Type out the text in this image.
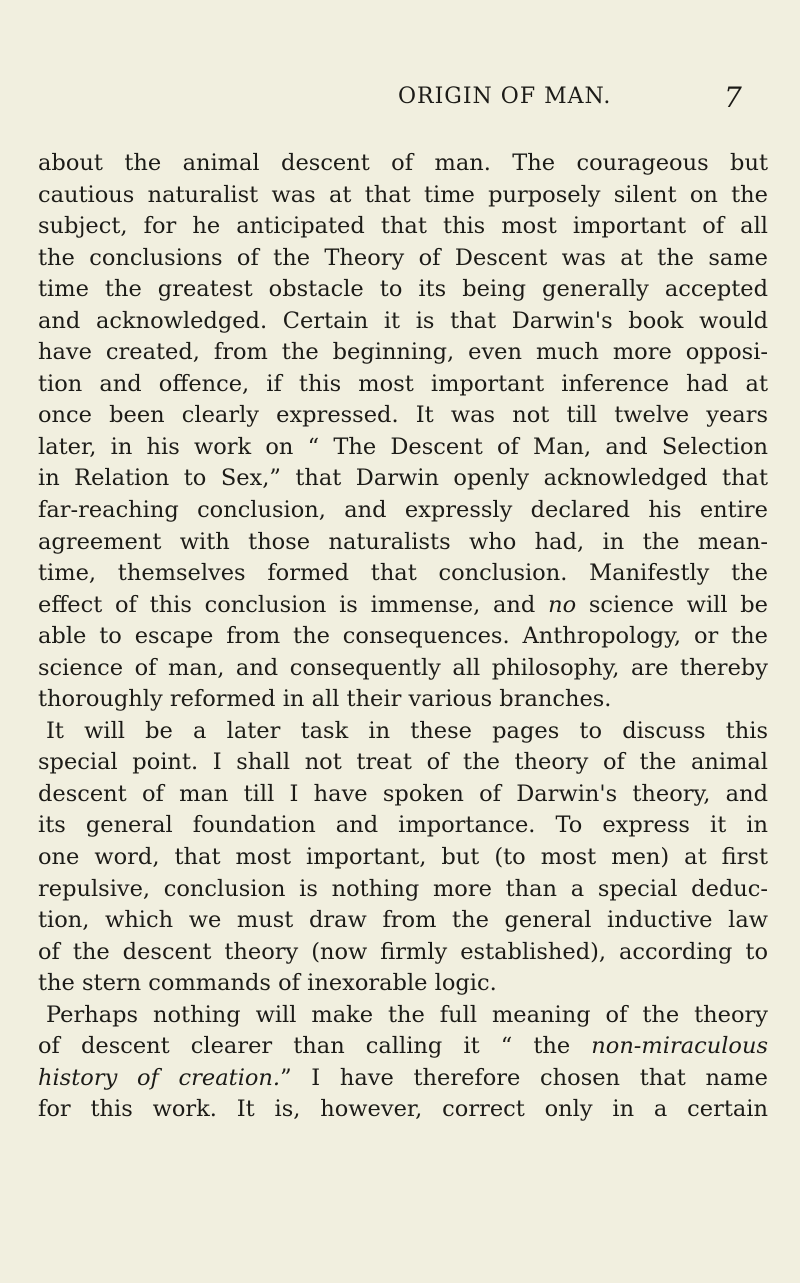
ORIGIN OF MAN.	7
about the animal descent of man. The courageous but
cautious naturalist was at that time purposely silent on the
subject, for he anticipated that this most important of all
the conclusions of the Theory of Descent was at the same
time the greatest obstacle to its being generally accepted
and acknowledged. Certain it is that Darwin's book would
have created, from the beginning, even much more opposi-
tion and offence, if this most important inference had at
once been clearly expressed. It was not till twelve years
later, in his work on “ The Descent of Man, and Selection
in Relation to Sex,” that Darwin openly acknowledged that
far-reaching conclusion, and expressly declared his entire
agreement with those naturalists who had, in the mean-
time, themselves formed that conclusion. Manifestly the
effect of this conclusion is immense, and no science will be
able to escape from the consequences. Anthropology, or the
science of man, and consequently all philosophy, are thereby
thoroughly reformed in all their various branches.
It will be a later task in these pages to discuss this
special point. I shall not treat of the theory of the animal
descent of man till I have spoken of Darwin's theory, and
its general foundation and importance. To express it in
one word, that most important, but (to most men) at first
repulsive, conclusion is nothing more than a special deduc-
tion, which we must draw from the general inductive law
of the descent theory (now firmly established), according to
the stern commands of inexorable logic.
Perhaps nothing will make the full meaning of the theory
of descent clearer than calling it “ the non-miraculous
history of creation.” I have therefore chosen that name
for this work. It is, however, correct only in a certain
